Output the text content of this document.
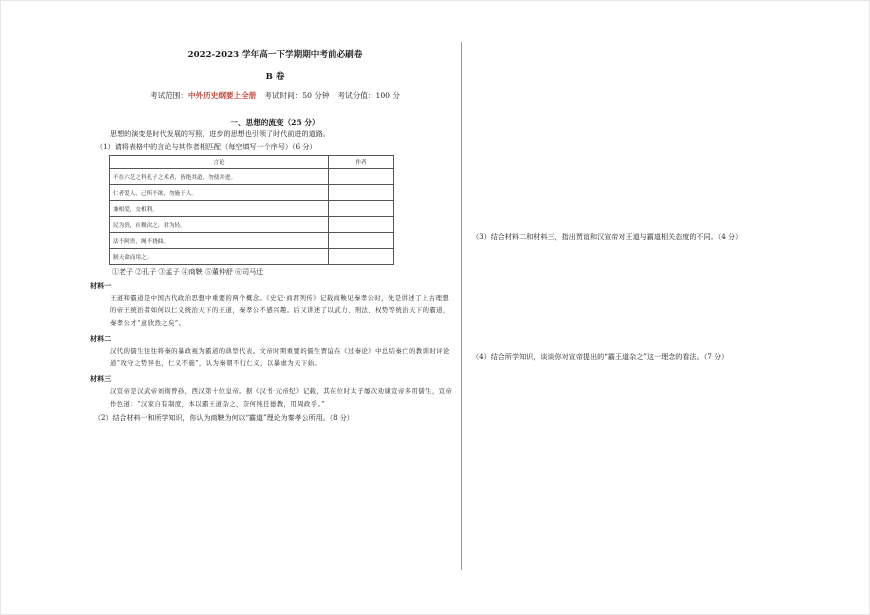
2022-2023 学年高一下学期期中考前必刷卷
B 卷
考试范围：中外历史纲要上全册 考试时间：50 分钟 考试分值：100 分
一、思想的流变（25 分）

思想的演变是时代发展的写照，进步的思想也引领了时代前进的道路。

（1）请将表格中的言论与其作者相匹配（每空填写一个序号）（6 分）
言论	作者
不在六艺之科孔子之术者，皆绝其道，勿使并进。	
仁者爱人，己所不欲，勿施于人。	
兼相爱，交相利。	
民为贵，社稷次之，君为轻。	
法不阿贵，绳不挠曲。	
制天命而用之。	
①老子 ②孔子 ③孟子 ④商鞅 ⑤董仲舒 ⑥司马迁
材料一

王道和霸道是中国古代政治思想中重要的两个概念。《史记·商君列传》记载商鞅见秦孝公时，先是讲述了上古理想的帝王统治者如何以仁义统治天下的王道，秦孝公不感兴趣。后又讲述了以武力、刑法、权势等统治天下的霸道，秦孝公才“意欣然之矣”。

材料二

汉代的儒生往往将秦的暴政视为霸道的典型代表。文帝时期重要的儒生贾谊在《过秦论》中总结秦亡的教训时评论道“攻守之势异也，仁义不施”，认为秦朝不行仁义，以暴虐为天下始。

材料三

汉宣帝是汉武帝刘彻曾孙，西汉第十位皇帝。据《汉书·元帝纪》记载，其在位时太子屡次劝谏宣帝多用儒生，宣帝作色道：“汉家自有制度，本以霸王道杂之，奈何纯任德教，用周政乎。”

（2）结合材料一和所学知识，你认为商鞅为何以“霸道”理论为秦孝公所用。（8 分）
（3）结合材料二和材料三，指出贾谊和汉宣帝对王道与霸道相关态度的不同。（4 分）
（4）结合所学知识，谈谈你对宣帝提出的“霸王道杂之”这一理念的看法。（7 分）
